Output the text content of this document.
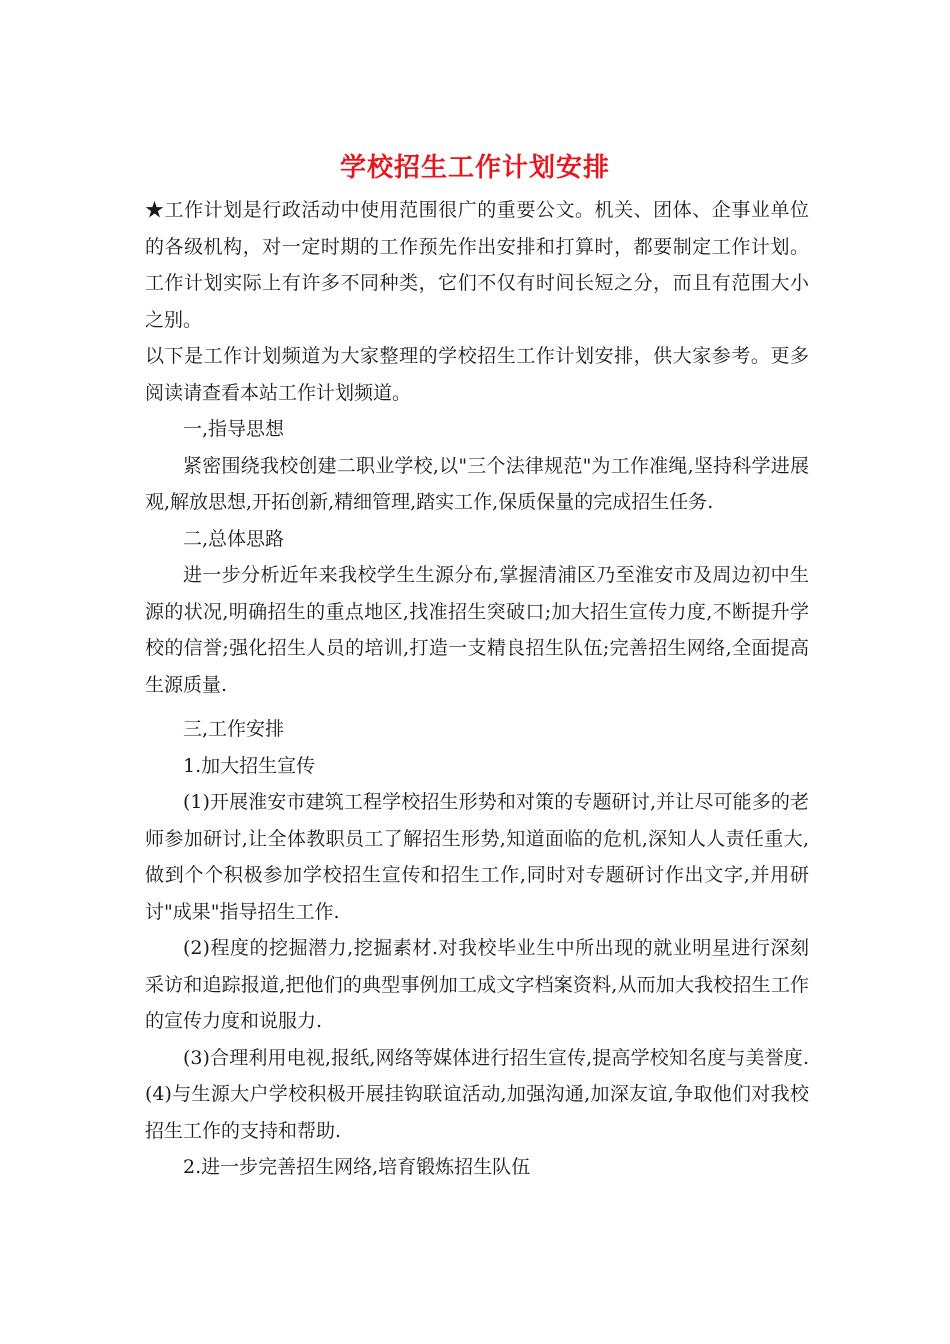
学校招生工作计划安排

★工作计划是行政活动中使用范围很广的重要公文。机关、团体、企事业单位的各级机构，对一定时期的工作预先作出安排和打算时，都要制定工作计划。工作计划实际上有许多不同种类，它们不仅有时间长短之分，而且有范围大小之别。

以下是工作计划频道为大家整理的学校招生工作计划安排，供大家参考。更多阅读请查看本站工作计划频道。

一,指导思想

紧密围绕我校创建二职业学校,以"三个法律规范"为工作准绳,坚持科学进展观,解放思想,开拓创新,精细管理,踏实工作,保质保量的完成招生任务.

二,总体思路

进一步分析近年来我校学生生源分布,掌握清浦区乃至淮安市及周边初中生源的状况,明确招生的重点地区,找准招生突破口;加大招生宣传力度,不断提升学校的信誉;强化招生人员的培训,打造一支精良招生队伍;完善招生网络,全面提高生源质量.

三,工作安排

1.加大招生宣传

(1)开展淮安市建筑工程学校招生形势和对策的专题研讨,并让尽可能多的老师参加研讨,让全体教职员工了解招生形势,知道面临的危机,深知人人责任重大,做到个个积极参加学校招生宣传和招生工作,同时对专题研讨作出文字,并用研讨"成果"指导招生工作.

(2)程度的挖掘潜力,挖掘素材.对我校毕业生中所出现的就业明星进行深刻采访和追踪报道,把他们的典型事例加工成文字档案资料,从而加大我校招生工作的宣传力度和说服力.

(3)合理利用电视,报纸,网络等媒体进行招生宣传,提高学校知名度与美誉度.(4)与生源大户学校积极开展挂钩联谊活动,加强沟通,加深友谊,争取他们对我校招生工作的支持和帮助.

2.进一步完善招生网络,培育锻炼招生队伍
